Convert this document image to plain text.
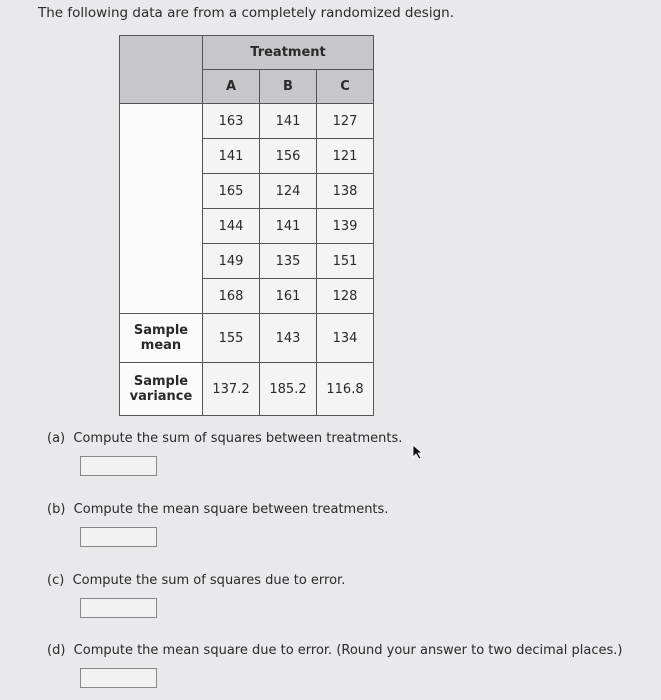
The following data are from a completely randomized design.
	Treatment		
	A	B	C
	163	141	127
	141	156	121
	165	124	138
	144	141	139
	149	135	151
	168	161	128
Sample
mean	155	143	134
Sample
variance	137.2	185.2	116.8
(a) Compute the sum of squares between treatments.
(b) Compute the mean square between treatments.
(c) Compute the sum of squares due to error.
(d) Compute the mean square due to error. (Round your answer to two decimal places.)
